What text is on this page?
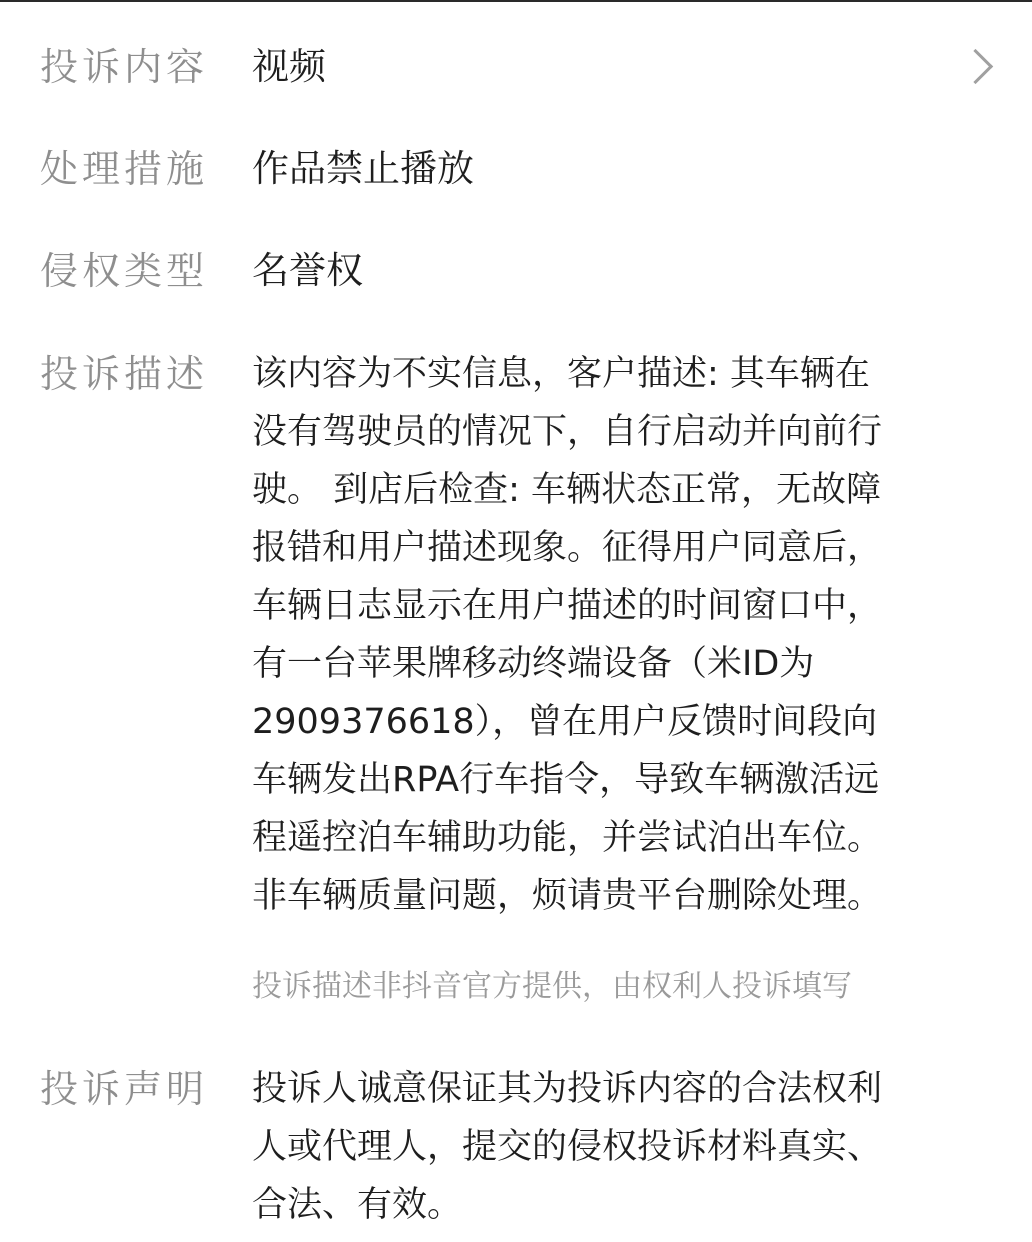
投诉内容 视频
处理措施 作品禁止播放
侵权类型 名誉权
投诉描述 该内容为不实信息，客户描述: 其车辆在
没有驾驶员的情况下，自行启动并向前行
驶。 到店后检查: 车辆状态正常，无故障
报错和用户描述现象。征得用户同意后，
车辆日志显示在用户描述的时间窗口中，
有一台苹果牌移动终端设备（米ID为
2909376618），曾在用户反馈时间段向
车辆发出RPA行车指令，导致车辆激活远
程遥控泊车辅助功能，并尝试泊出车位。
非车辆质量问题，烦请贵平台删除处理。
投诉描述非抖音官方提供，由权利人投诉填写
投诉声明 投诉人诚意保证其为投诉内容的合法权利
人或代理人，提交的侵权投诉材料真实、
合法、有效。
